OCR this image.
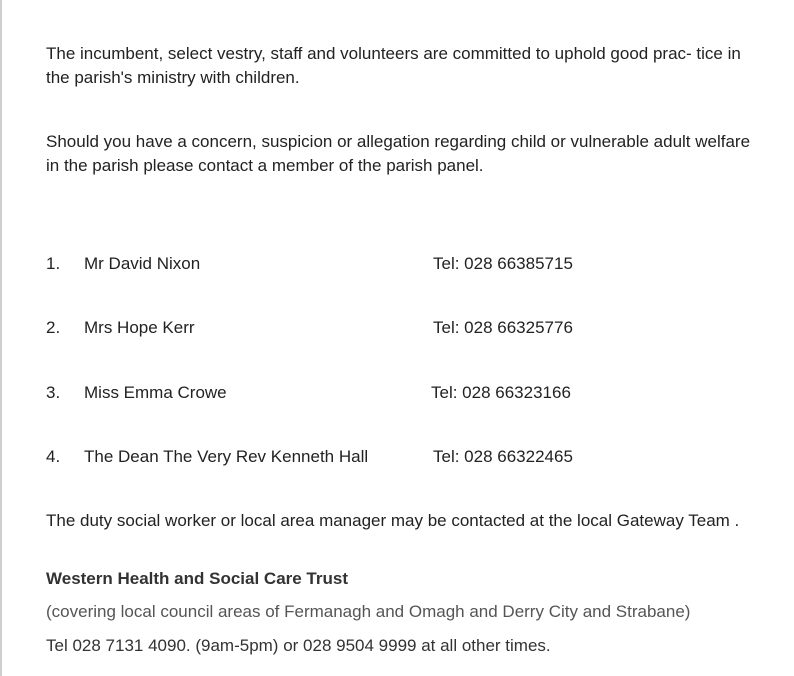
The incumbent, select vestry, staff and volunteers are committed to uphold good prac- tice in the parish's ministry with children.

Should you have a concern, suspicion or allegation regarding child or vulnerable adult welfare in the parish please contact a member of the parish panel.

1. Mr David Nixon	Tel: 028 66385715
2. Mrs Hope Kerr	Tel: 028 66325776
3. Miss Emma Crowe	Tel: 028 66323166
4. The Dean The Very Rev Kenneth Hall	Tel: 028 66322465

The duty social worker or local area manager may be contacted at the local Gateway Team .

Western Health and Social Care Trust
(covering local council areas of Fermanagh and Omagh and Derry City and Strabane)
Tel 028 7131 4090. (9am-5pm) or 028 9504 9999 at all other times.
